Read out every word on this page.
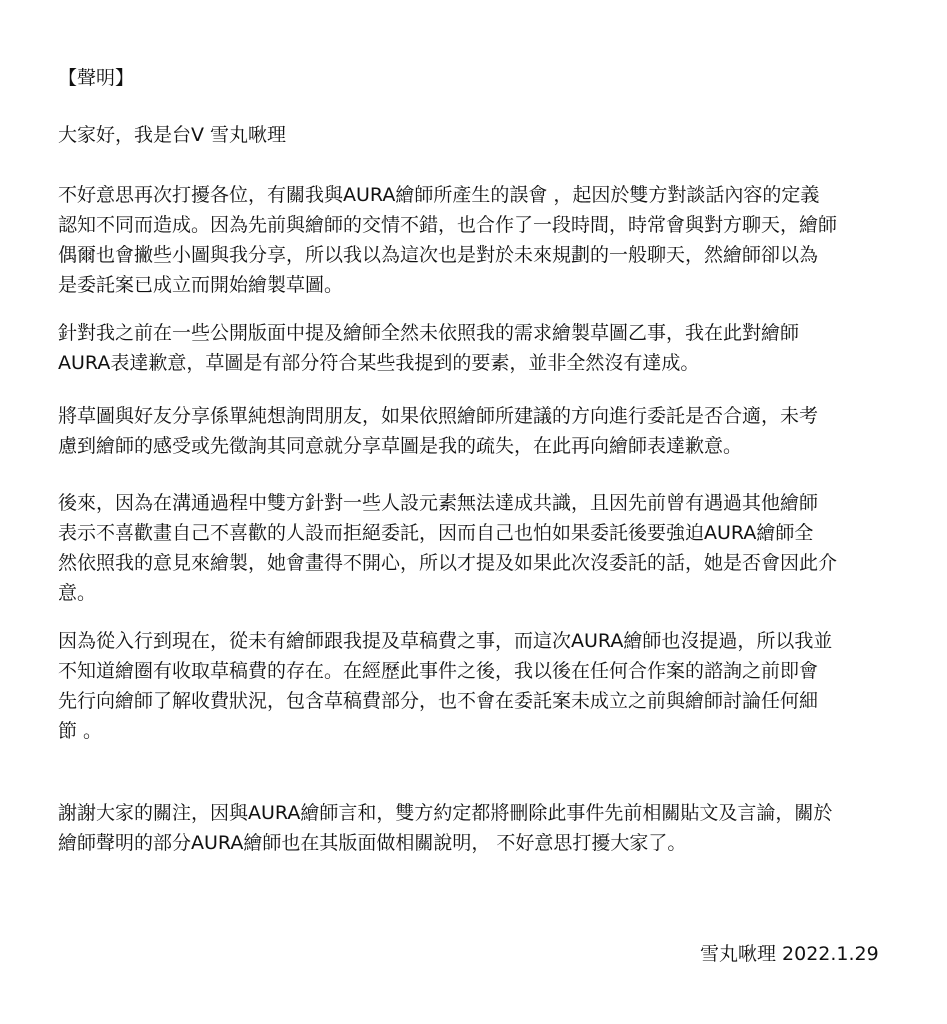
【聲明】
大家好，我是台V 雪丸啾理
不好意思再次打擾各位，有關我與AURA繪師所產生的誤會 ，起因於雙方對談話內容的定義
認知不同而造成。因為先前與繪師的交情不錯，也合作了一段時間，時常會與對方聊天，繪師
偶爾也會撇些小圖與我分享，所以我以為這次也是對於未來規劃的一般聊天，然繪師卻以為
是委託案已成立而開始繪製草圖。
針對我之前在一些公開版面中提及繪師全然未依照我的需求繪製草圖乙事，我在此對繪師
AURA表達歉意，草圖是有部分符合某些我提到的要素，並非全然沒有達成。
將草圖與好友分享係單純想詢問朋友，如果依照繪師所建議的方向進行委託是否合適，未考
慮到繪師的感受或先徵詢其同意就分享草圖是我的疏失，在此再向繪師表達歉意。
後來，因為在溝通過程中雙方針對一些人設元素無法達成共識，且因先前曾有遇過其他繪師
表示不喜歡畫自己不喜歡的人設而拒絕委託，因而自己也怕如果委託後要強迫AURA繪師全
然依照我的意見來繪製，她會畫得不開心，所以才提及如果此次沒委託的話，她是否會因此介
意。
因為從入行到現在，從未有繪師跟我提及草稿費之事，而這次AURA繪師也沒提過，所以我並
不知道繪圈有收取草稿費的存在。在經歷此事件之後，我以後在任何合作案的諮詢之前即會
先行向繪師了解收費狀況，包含草稿費部分，也不會在委託案未成立之前與繪師討論任何細
節 。
謝謝大家的關注，因與AURA繪師言和，雙方約定都將刪除此事件先前相關貼文及言論，關於
繪師聲明的部分AURA繪師也在其版面做相關說明， 不好意思打擾大家了。
雪丸啾理 2022.1.29
